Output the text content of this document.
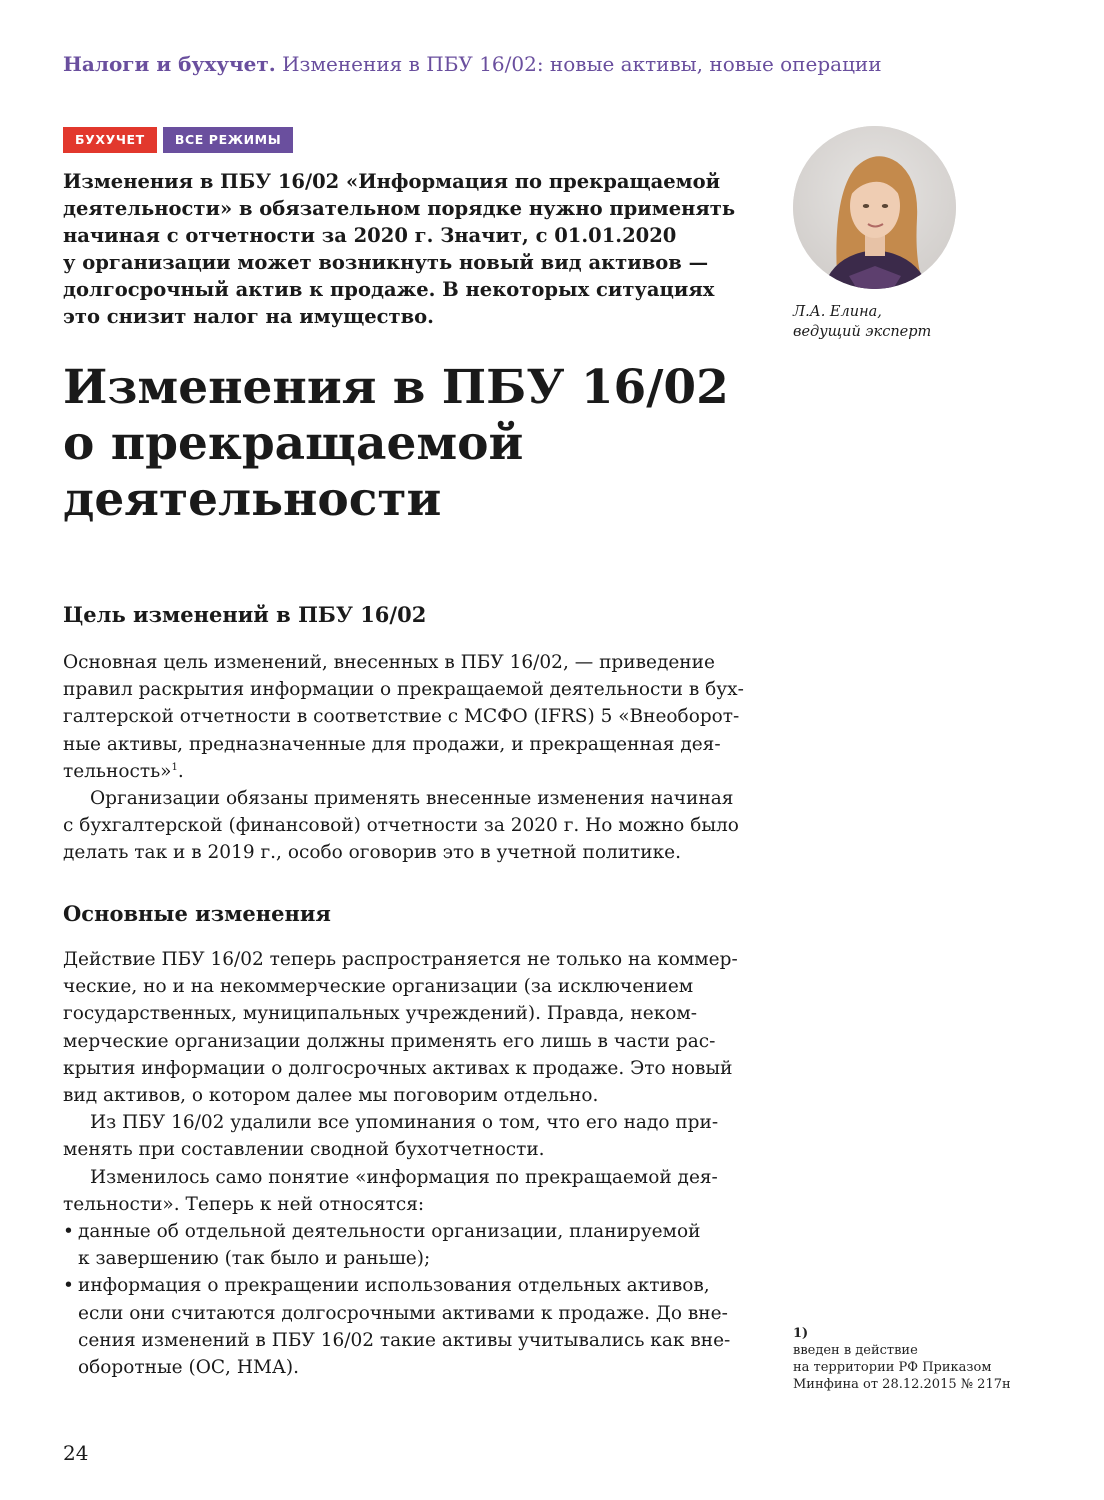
Налоги и бухучет. Изменения в ПБУ 16/02: новые активы, новые операции
БУХУЧЕТ	ВСЕ РЕЖИМЫ

Изменения в ПБУ 16/02 «Информация по прекращаемой
деятельности» в обязательном порядке нужно применять
начиная с отчетности за 2020 г. Значит, с 01.01.2020
у организации может возникнуть новый вид активов —
долгосрочный актив к продаже. В некоторых ситуациях
это снизит налог на имущество.	Л.А. Елина,
ведущий эксперт
Изменения в ПБУ 16/02
о прекращаемой
деятельности
Цель изменений в ПБУ 16/02
Основная цель изменений, внесенных в ПБУ 16/02, — приведение
правил раскрытия информации о прекращаемой деятельности в бух-
галтерской отчетности в соответствие с МСФО (IFRS) 5 «Внеоборот-
ные активы, предназначенные для продажи, и прекращенная дея-
тельность»$^1$.
Организации обязаны применять внесенные изменения начиная
с бухгалтерской (финансовой) отчетности за 2020 г. Но можно было
делать так и в 2019 г., особо оговорив это в учетной политике.
Основные изменения
Действие ПБУ 16/02 теперь распространяется не только на коммер-
ческие, но и на некоммерческие организации (за исключением
государственных, муниципальных учреждений). Правда, неком-
мерческие организации должны применять его лишь в части рас-
крытия информации о долгосрочных активах к продаже. Это новый
вид активов, о котором далее мы поговорим отдельно.
Из ПБУ 16/02 удалили все упоминания о том, что его надо при-
менять при составлении сводной бухотчетности.
Изменилось само понятие «информация по прекращаемой дея-
тельности». Теперь к ней относятся:
• данные об отдельной деятельности организации, планируемой
к завершению (так было и раньше);
• информация о прекращении использования отдельных активов,
если они считаются долгосрочными активами к продаже. До вне-
сения изменений в ПБУ 16/02 такие активы учитывались как вне-
оборотные (ОС, НМА).
1)
введен в действие
на территории РФ Приказом
Минфина от 28.12.2015 № 217н
24
